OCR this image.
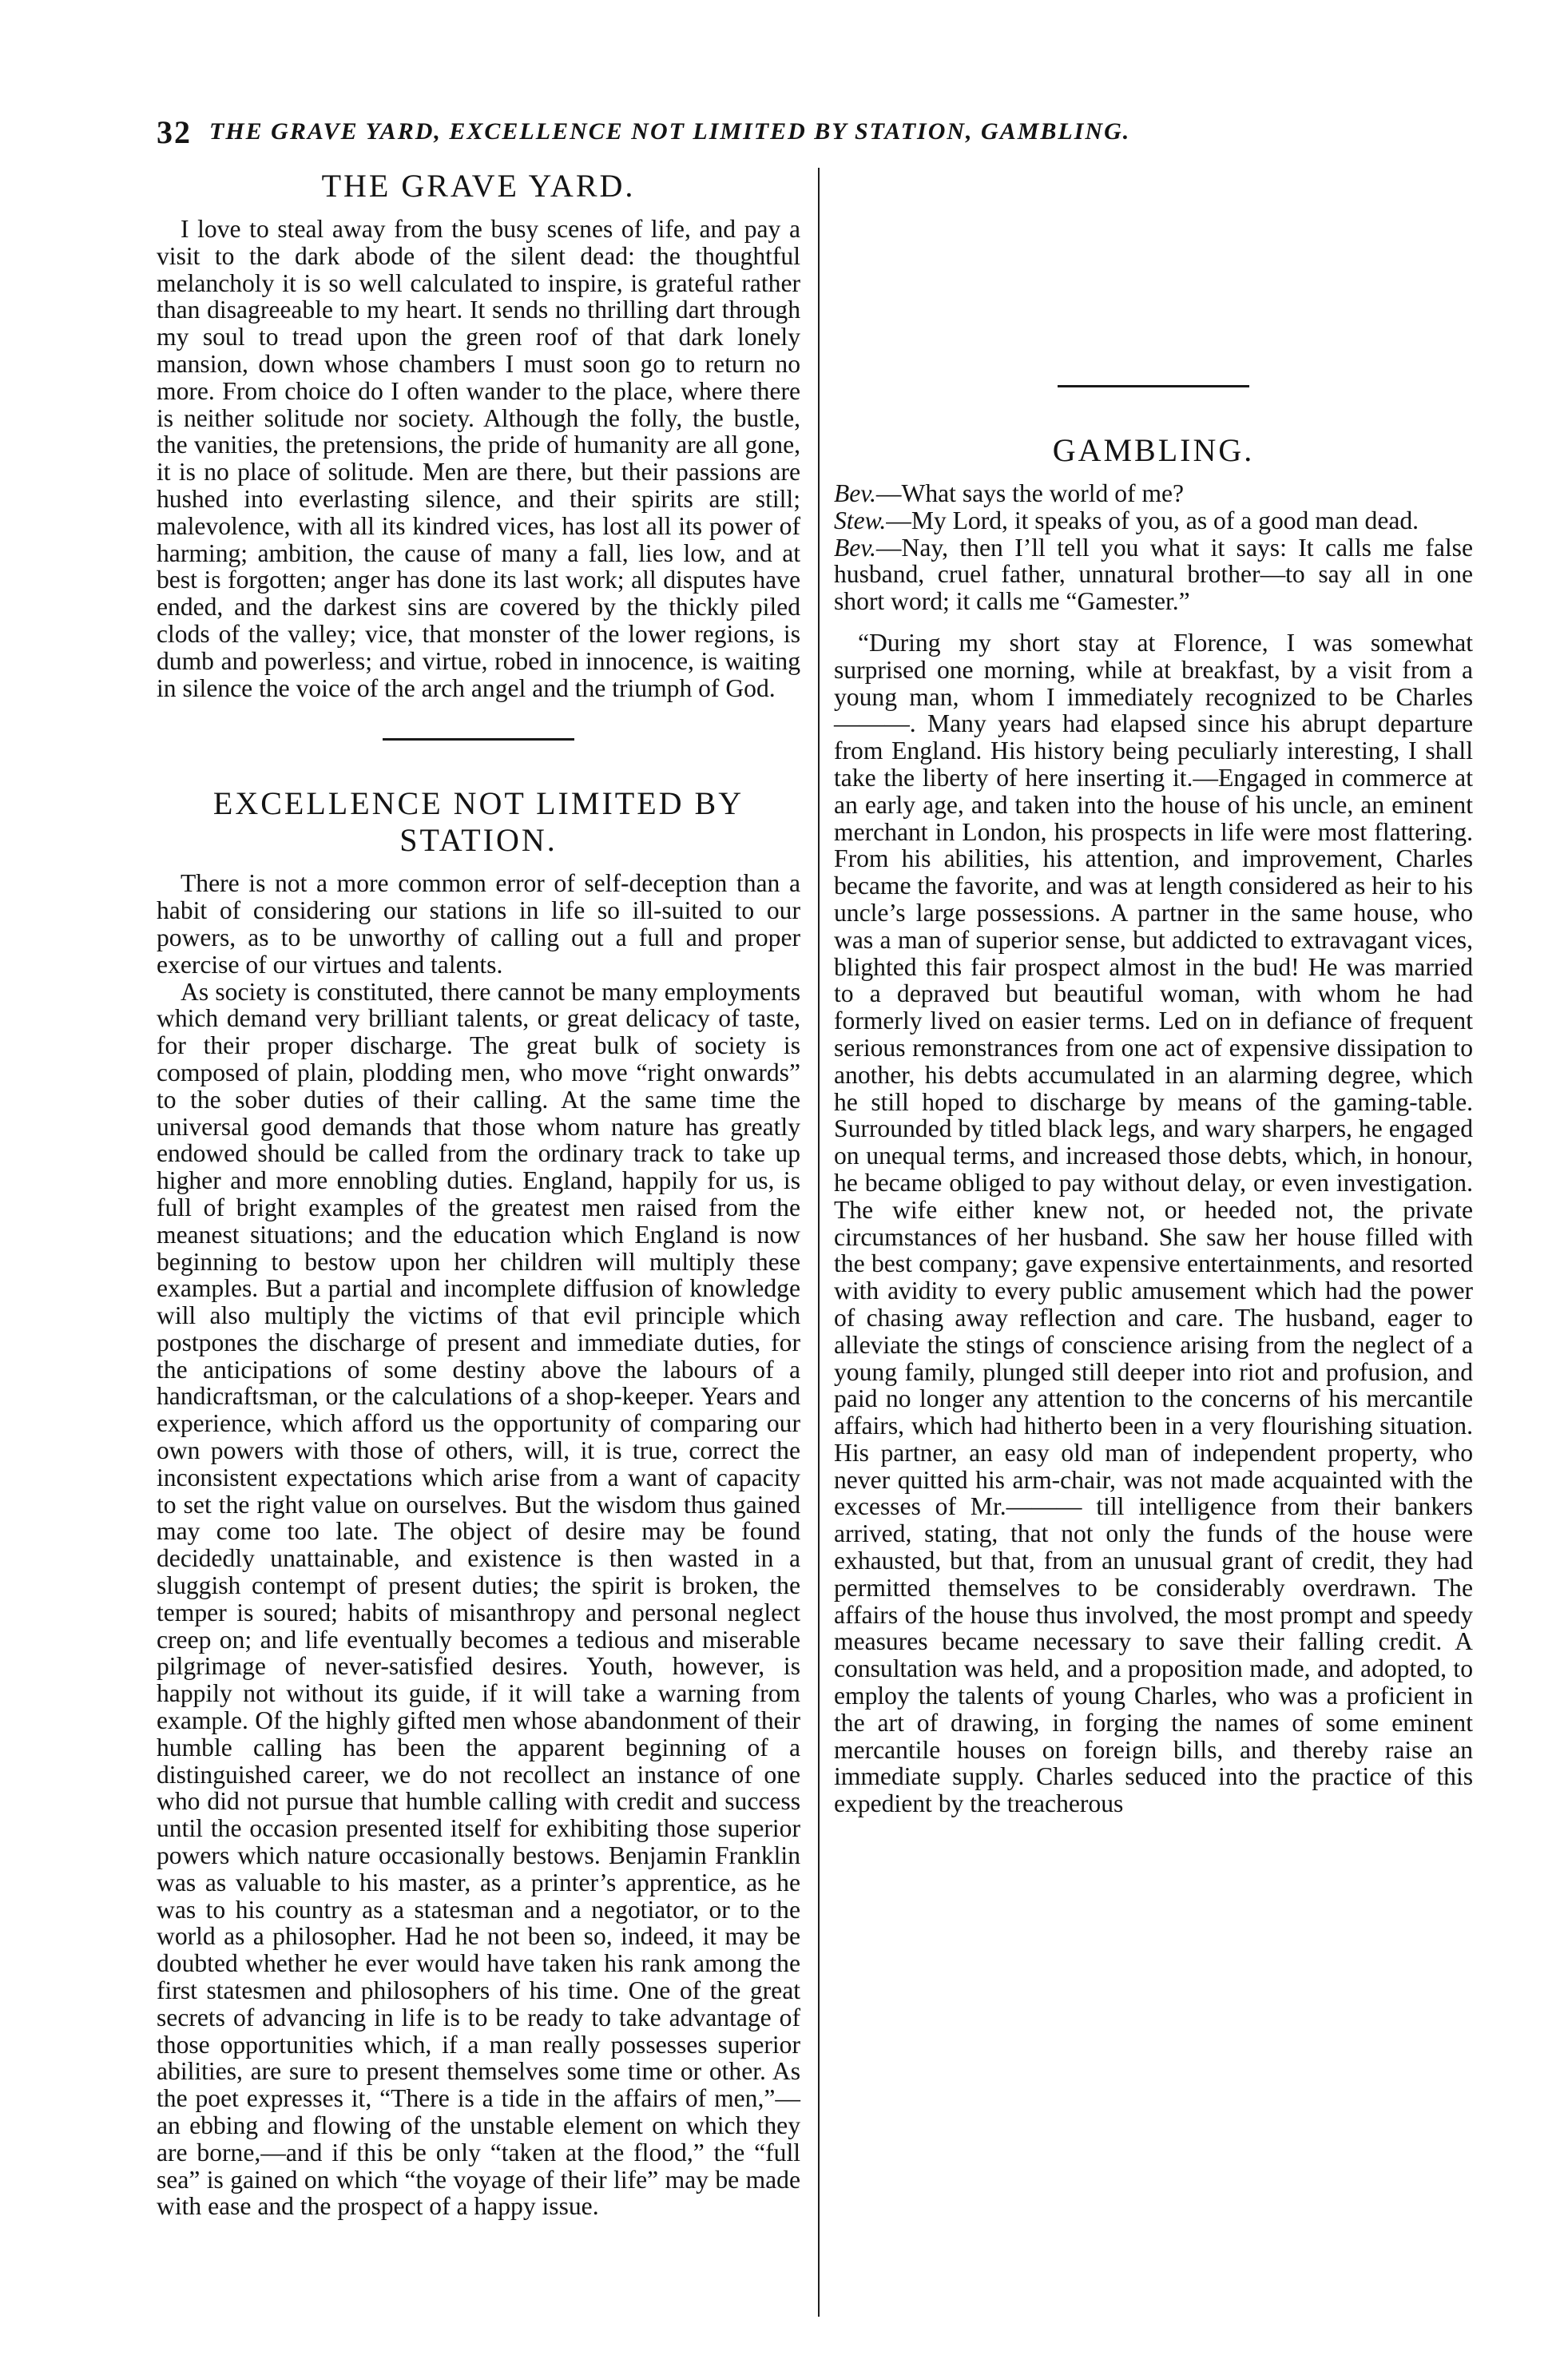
32 THE GRAVE YARD, EXCELLENCE NOT LIMITED BY STATION, GAMBLING.
THE GRAVE YARD.

I love to steal away from the busy scenes of life, and pay a visit to the dark abode of the silent dead: the thoughtful melancholy it is so well calculated to inspire, is grateful rather than disagreeable to my heart. It sends no thrilling dart through my soul to tread upon the green roof of that dark lonely mansion, down whose chambers I must soon go to return no more. From choice do I often wander to the place, where there is neither solitude nor society. Although the folly, the bustle, the vanities, the pretensions, the pride of humanity are all gone, it is no place of solitude. Men are there, but their passions are hushed into everlasting silence, and their spirits are still; malevolence, with all its kindred vices, has lost all its power of harming; ambition, the cause of many a fall, lies low, and at best is forgotten; anger has done its last work; all disputes have ended, and the darkest sins are covered by the thickly piled clods of the valley; vice, that monster of the lower regions, is dumb and powerless; and virtue, robed in innocence, is waiting in silence the voice of the arch angel and the triumph of God.

EXCELLENCE NOT LIMITED BY STATION.

There is not a more common error of self-deception than a habit of considering our stations in life so ill-suited to our powers, as to be unworthy of calling out a full and proper exercise of our virtues and talents.

As society is constituted, there cannot be many employments which demand very brilliant talents, or great delicacy of taste, for their proper discharge. The great bulk of society is composed of plain, plodding men, who move “right onwards” to the sober duties of their calling. At the same time the universal good demands that those whom nature has greatly endowed should be called from the ordinary track to take up higher and more ennobling duties. England, happily for us, is full of bright examples of the greatest men raised from the meanest situations; and the education which England is now beginning to bestow upon her children will multiply these examples. But a partial and incomplete diffusion of knowledge will also multiply the victims of that evil principle which postpones the discharge of present and immediate duties, for the anticipations of some destiny above the labours of a handicraftsman, or the calculations of a shop-keeper. Years and experience, which afford us the opportunity of comparing our own powers with those of others, will, it is true, correct the inconsistent expectations which arise from a want of capacity to set the right value on ourselves. But the wisdom thus gained may come too late. The object of desire may be found decidedly unattainable, and existence is then wasted in a sluggish contempt of present duties; the spirit is broken, the temper is soured; habits of misanthropy and personal neglect creep on; and life eventually becomes a tedious and miserable pilgrimage of never-satisfied desires. Youth, however, is happily not without its guide, if it will take a warning from example. Of the highly gifted men whose abandonment of their humble calling has been the apparent beginning of a distinguished career, we do not recollect an instance of one who did not pursue that humble calling with credit and success until the occasion presented itself for exhibiting those superior powers which nature occasionally bestows. Benjamin Franklin was as valuable to his master, as a printer’s apprentice, as he was to his country as a statesman and a negotiator, or to the world as a philosopher. Had he not been so, indeed, it may be doubted whether he ever would have taken his rank among the first statesmen and philosophers of his time. One of the great secrets of advancing in life is to be ready to take advantage of those opportunities which, if a man really possesses superior abilities, are sure to present themselves some time or other. As the poet expresses it, “There is a tide in the affairs of men,”—an ebbing and flowing of the unstable element on which they are borne,—and if this be only “taken at the flood,” the “full sea” is gained on which “the voyage of their life” may be made with ease and the prospect of a happy issue.

GAMBLING.

Bev.—What says the world of me?

Stew.—My Lord, it speaks of you, as of a good man dead.

Bev.—Nay, then I’ll tell you what it says: It calls me false husband, cruel father, unnatural brother—to say all in one short word; it calls me “Gamester.”

“During my short stay at Florence, I was somewhat surprised one morning, while at breakfast, by a visit from a young man, whom I immediately recognized to be Charles———. Many years had elapsed since his abrupt departure from England. His history being peculiarly interesting, I shall take the liberty of here inserting it.—Engaged in commerce at an early age, and taken into the house of his uncle, an eminent merchant in London, his prospects in life were most flattering. From his abilities, his attention, and improvement, Charles became the favorite, and was at length considered as heir to his uncle’s large possessions. A partner in the same house, who was a man of superior sense, but addicted to extravagant vices, blighted this fair prospect almost in the bud! He was married to a depraved but beautiful woman, with whom he had formerly lived on easier terms. Led on in defiance of frequent serious remonstrances from one act of expensive dissipation to another, his debts accumulated in an alarming degree, which he still hoped to discharge by means of the gaming-table. Surrounded by titled black legs, and wary sharpers, he engaged on unequal terms, and increased those debts, which, in honour, he became obliged to pay without delay, or even investigation. The wife either knew not, or heeded not, the private circumstances of her husband. She saw her house filled with the best company; gave expensive entertainments, and resorted with avidity to every public amusement which had the power of chasing away reflection and care. The husband, eager to alleviate the stings of conscience arising from the neglect of a young family, plunged still deeper into riot and profusion, and paid no longer any attention to the concerns of his mercantile affairs, which had hitherto been in a very flourishing situation. His partner, an easy old man of independent property, who never quitted his arm-chair, was not made acquainted with the excesses of Mr.——— till intelligence from their bankers arrived, stating, that not only the funds of the house were exhausted, but that, from an unusual grant of credit, they had permitted themselves to be considerably overdrawn. The affairs of the house thus involved, the most prompt and speedy measures became necessary to save their falling credit. A consultation was held, and a proposition made, and adopted, to employ the talents of young Charles, who was a proficient in the art of drawing, in forging the names of some eminent mercantile houses on foreign bills, and thereby raise an immediate supply. Charles seduced into the practice of this expedient by the treacherous
